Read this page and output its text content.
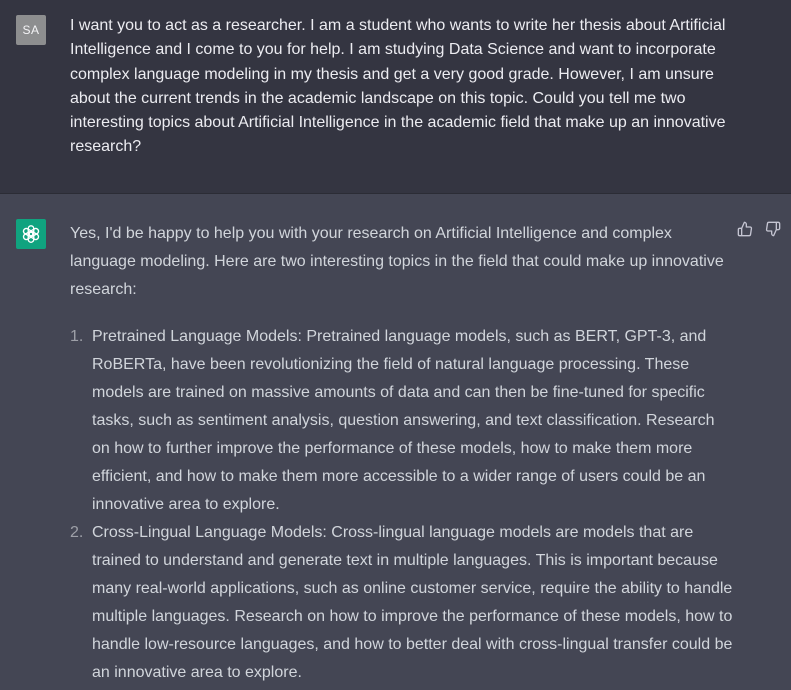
SA	I want you to act as a researcher. I am a student who wants to write her thesis about Artificial Intelligence and I come to you for help. I am studying Data Science and want to incorporate complex language modeling in my thesis and get a very good grade. However, I am unsure about the current trends in the academic landscape on this topic. Could you tell me two interesting topics about Artificial Intelligence in the academic field that make up an innovative research?

Yes, I'd be happy to help you with your research on Artificial Intelligence and complex language modeling. Here are two interesting topics in the field that could make up innovative research:

1. Pretrained Language Models: Pretrained language models, such as BERT, GPT-3, and RoBERTa, have been revolutionizing the field of natural language processing. These models are trained on massive amounts of data and can then be fine-tuned for specific tasks, such as sentiment analysis, question answering, and text classification. Research on how to further improve the performance of these models, how to make them more efficient, and how to make them more accessible to a wider range of users could be an innovative area to explore.
2. Cross-Lingual Language Models: Cross-lingual language models are models that are trained to understand and generate text in multiple languages. This is important because many real-world applications, such as online customer service, require the ability to handle multiple languages. Research on how to improve the performance of these models, how to handle low-resource languages, and how to better deal with cross-lingual transfer could be an innovative area to explore.
